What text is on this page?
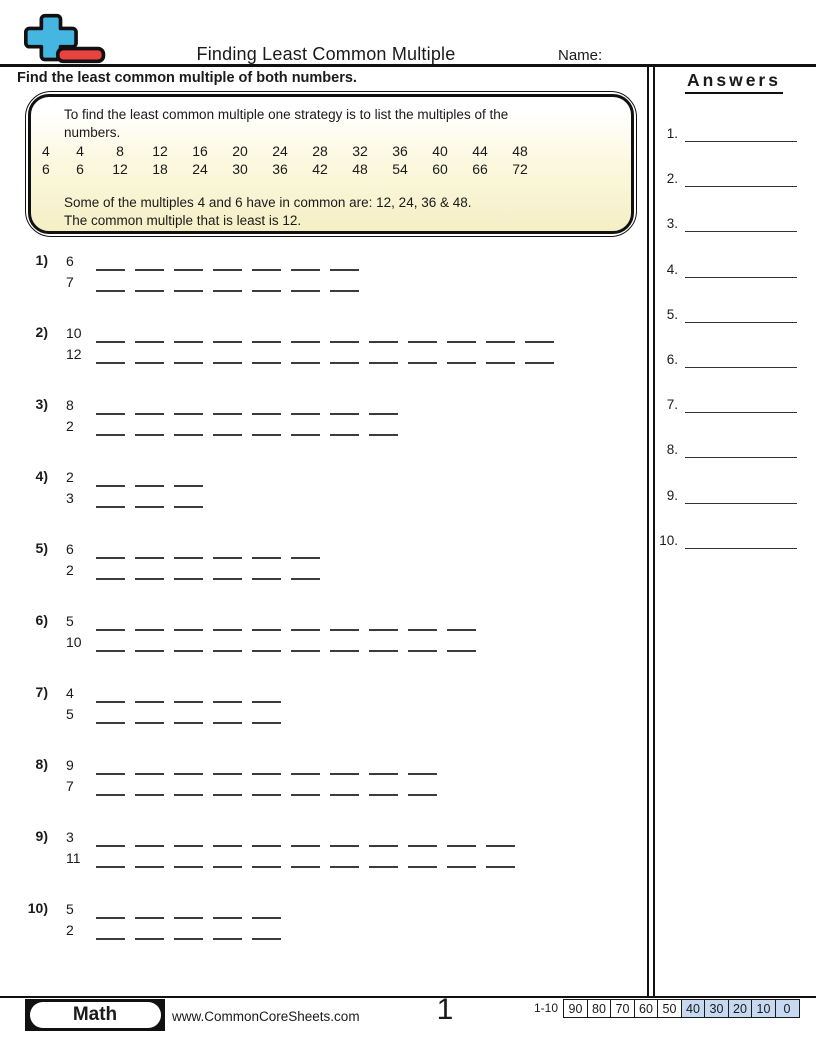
Finding Least Common Multiple	Name:
Find the least common multiple of both numbers.
To find the least common multiple one strategy is to list the multiples of the
numbers.
4	4	8	12	16	20	24	28	32	36	40	44	48
6	6	12	18	24	30	36	42	48	54	60	66	72
Some of the multiples 4 and 6 have in common are: 12, 24, 36 & 48.
The common multiple that is least is 12.
1) 6
7
2) 10
12
3) 8
2
4) 2
3
5) 6
2
6) 5
10
7) 4
5
8) 9
7
9) 3
11
10) 5
2
Answers
1.
2.
3.
4.
5.
6.
7.
8.
9.
10.
Math	www.CommonCoreSheets.com	1	1-10 90 80 70 60 50 40 30 20 10	0
